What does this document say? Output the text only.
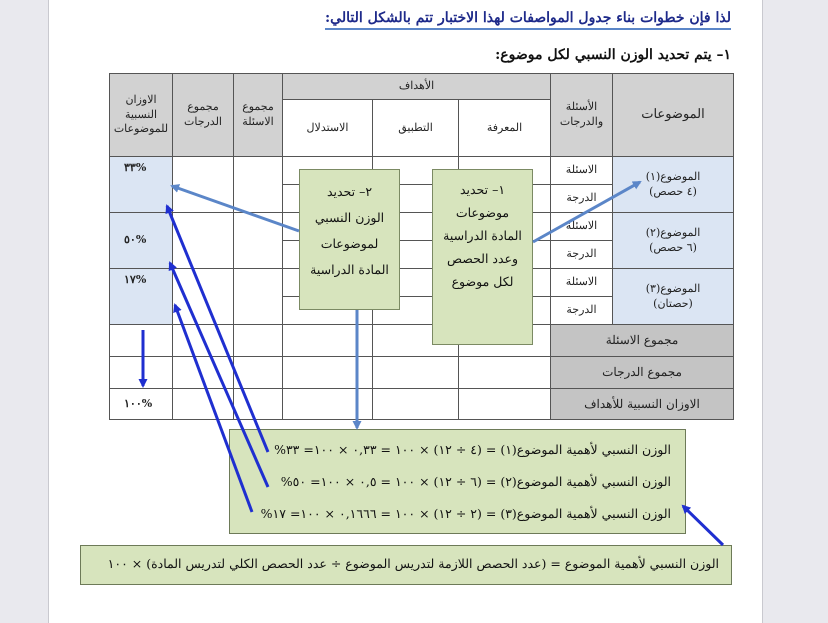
لذا فإن خطوات بناء جدول المواصفات لهذا الاختبار تتم بالشكل التالي:
١– يتم تحديد الوزن النسبي لكل موضوع:
الاوزان النسبية للموضوعات	مجموع الدرجات	مجموع الاسئلة	الأهداف			الأسئلة والدرجات	الموضوعات
			الاستدلال	التطبيق	المعرفة		
%٣٣						الاسئلة	الموضوع(١)
(٤ حصص)

						الدرجة	
%٥٠						الاسئلة	الموضوع(٢)
(٦ حصص)

						الدرجة	
%١٧						الاسئلة	الموضوع(٣)
(حصتان)

						الدرجة	
						مجموع الاسئلة	
						مجموع الدرجات	
%١٠٠						الاوزان النسبية للأهداف	
١– تحديد
موضوعات
المادة الدراسية
وعدد الحصص
لكل موضوع
٢– تحديد
الوزن النسبي
لموضوعات
المادة الدراسية
الوزن النسبي لأهمية الموضوع(١) = (٤ ÷ ١٢) × ١٠٠ = ٠,٣٣ × ١٠٠= ٣٣%
الوزن النسبي لأهمية الموضوع(٢) = (٦ ÷ ١٢) × ١٠٠ = ٠,٥ × ١٠٠= ٥٠%
الوزن النسبي لأهمية الموضوع(٣) = (٢ ÷ ١٢) × ١٠٠ = ٠,١٦٦٦ × ١٠٠= ١٧%
الوزن النسبي لأهمية الموضوع = (عدد الحصص اللازمة لتدريس الموضوع ÷ عدد الحصص الكلي لتدريس المادة) × ١٠٠
